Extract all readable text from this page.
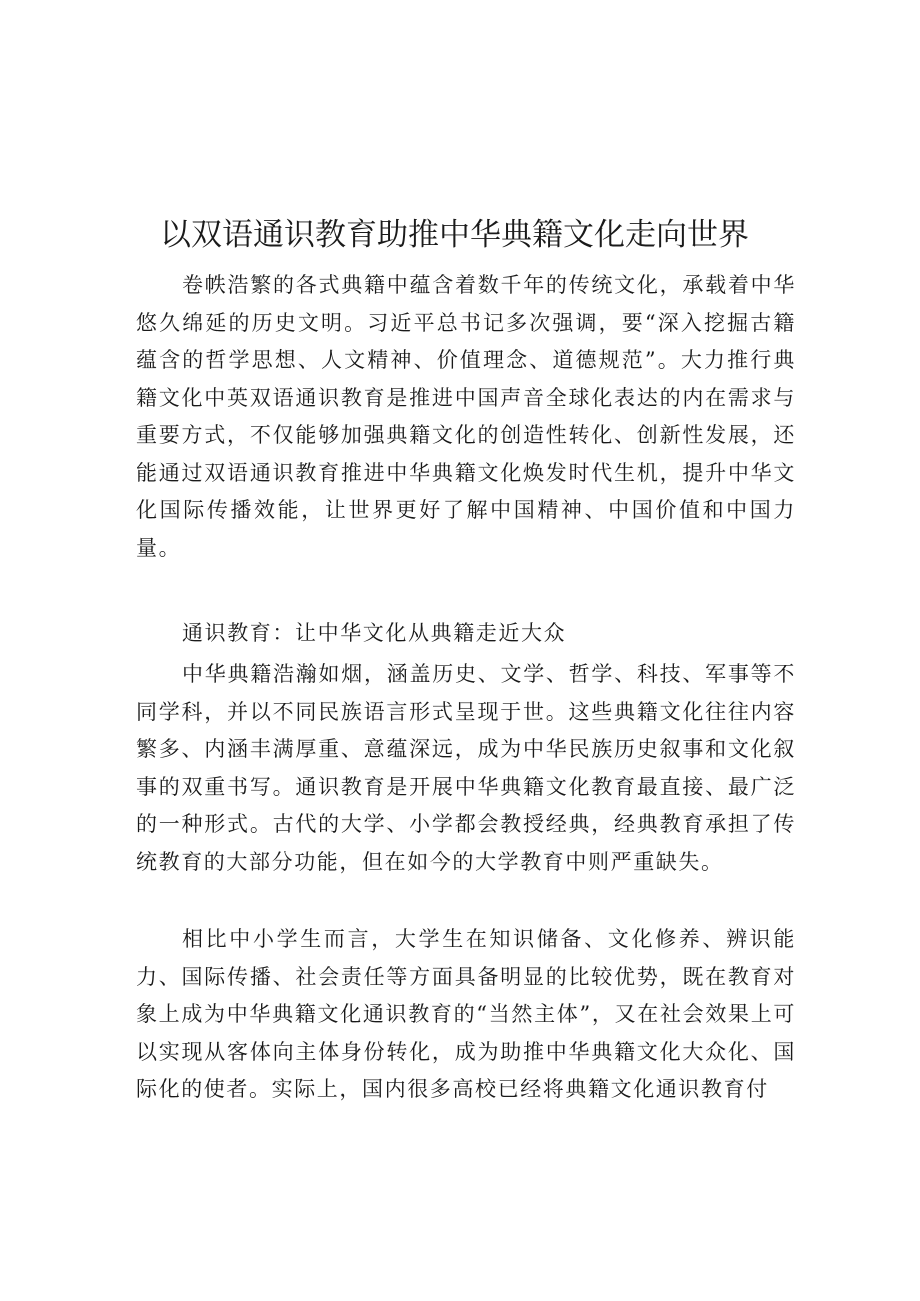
以双语通识教育助推中华典籍文化走向世界

卷帙浩繁的各式典籍中蕴含着数千年的传统文化，承载着中华悠久绵延的历史文明。习近平总书记多次强调，要“深入挖掘古籍蕴含的哲学思想、人文精神、价值理念、道德规范”。大力推行典籍文化中英双语通识教育是推进中国声音全球化表达的内在需求与重要方式，不仅能够加强典籍文化的创造性转化、创新性发展，还能通过双语通识教育推进中华典籍文化焕发时代生机，提升中华文化国际传播效能，让世界更好了解中国精神、中国价值和中国力量。

通识教育：让中华文化从典籍走近大众

中华典籍浩瀚如烟，涵盖历史、文学、哲学、科技、军事等不同学科，并以不同民族语言形式呈现于世。这些典籍文化往往内容繁多、内涵丰满厚重、意蕴深远，成为中华民族历史叙事和文化叙事的双重书写。通识教育是开展中华典籍文化教育最直接、最广泛的一种形式。古代的大学、小学都会教授经典，经典教育承担了传统教育的大部分功能，但在如今的大学教育中则严重缺失。

相比中小学生而言，大学生在知识储备、文化修养、辨识能力、国际传播、社会责任等方面具备明显的比较优势，既在教育对象上成为中华典籍文化通识教育的“当然主体”，又在社会效果上可以实现从客体向主体身份转化，成为助推中华典籍文化大众化、国际化的使者。实际上，国内很多高校已经将典籍文化通识教育付
